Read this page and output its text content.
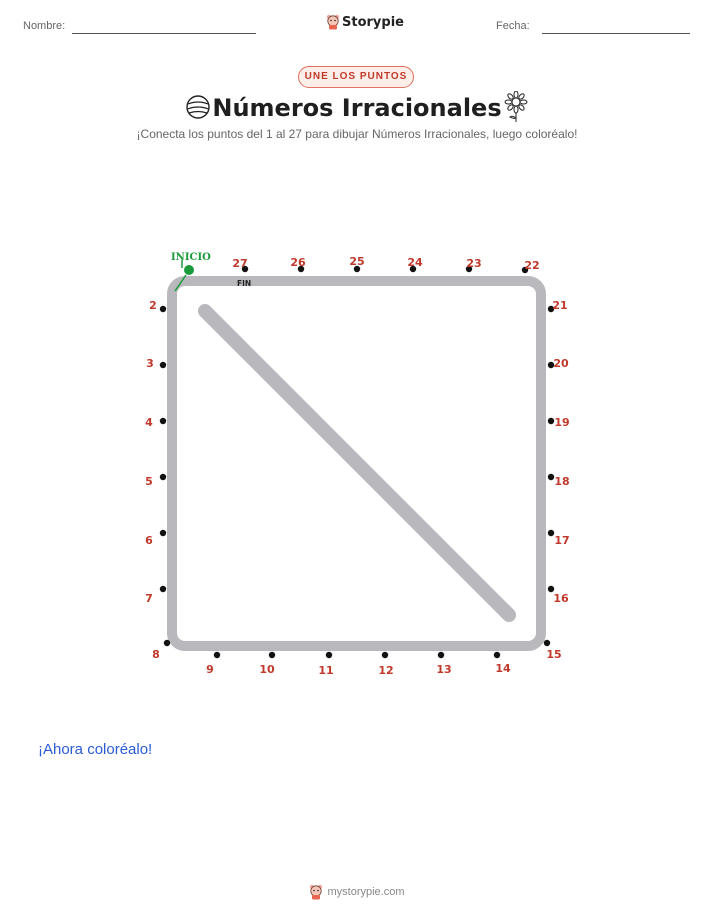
Nombre:	Storypie	Fecha:
UNE LOS PUNTOS
Números Irracionales
¡Conecta los puntos del 1 al 27 para dibujar Números Irracionales, luego coloréalo!
INICIO
FIN
2
3
4
5
6
7
8
9	10	11	12	13	14
15
16
17
18
19
20
21
22
23
24
25
26
27
¡Ahora coloréalo!
mystorypie.com
